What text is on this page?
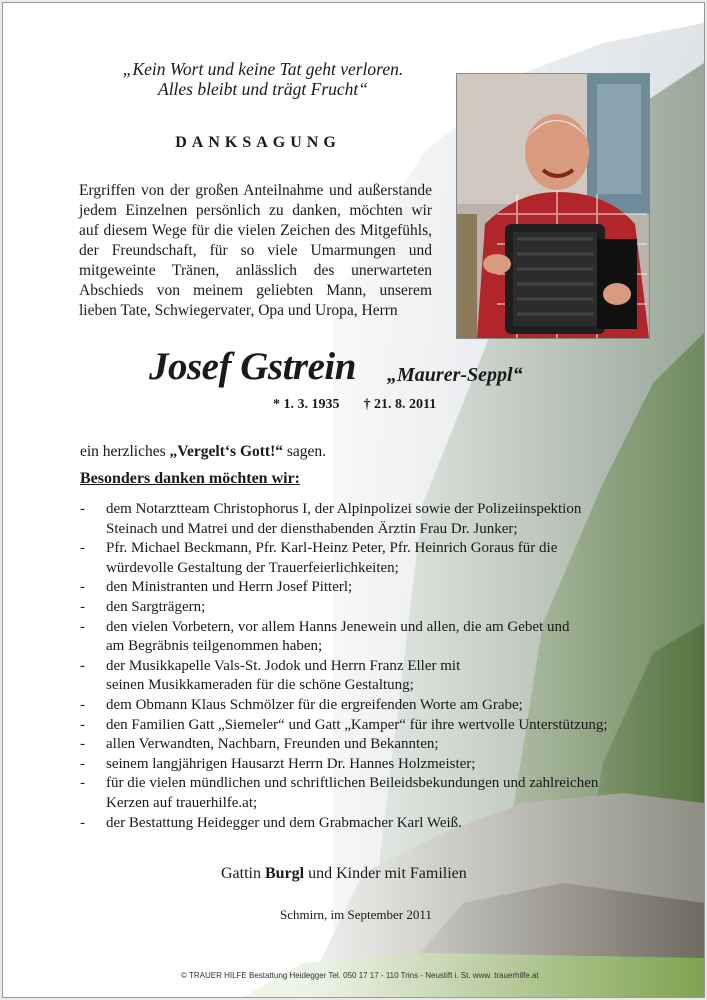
„Kein Wort und keine Tat geht verloren.
Alles bleibt und trägt Frucht“
DANKSAGUNG
Ergriffen von der großen Anteilnahme und außerstande
jedem Einzelnen persönlich zu danken, möchten wir
auf diesem Wege für die vielen Zeichen des Mitgefühls,
der Freundschaft, für so viele Umarmungen und
mitgeweinte Tränen, anlässlich des unerwarteten
Abschieds von meinem geliebten Mann, unserem
lieben Tate, Schwiegervater, Opa und Uropa, Herrn
Josef Gstrein „Maurer-Seppl“
* 1. 3. 1935 † 21. 8. 2011
ein herzliches „Vergelt‘s Gott!“ sagen.
Besonders danken möchten wir:
- dem Notarztteam Christophorus I, der Alpinpolizei sowie der Polizeiinspektion
Steinach und Matrei und der diensthabenden Ärztin Frau Dr. Junker;
- Pfr. Michael Beckmann, Pfr. Karl-Heinz Peter, Pfr. Heinrich Goraus für die
würdevolle Gestaltung der Trauerfeierlichkeiten;
- den Ministranten und Herrn Josef Pitterl;
- den Sargträgern;
- den vielen Vorbetern, vor allem Hanns Jenewein und allen, die am Gebet und
am Begräbnis teilgenommen haben;
- der Musikkapelle Vals-St. Jodok und Herrn Franz Eller mit
seinen Musikkameraden für die schöne Gestaltung;
- dem Obmann Klaus Schmölzer für die ergreifenden Worte am Grabe;
- den Familien Gatt „Siemeler“ und Gatt „Kamper“ für ihre wertvolle Unterstützung;
- allen Verwandten, Nachbarn, Freunden und Bekannten;
- seinem langjährigen Hausarzt Herrn Dr. Hannes Holzmeister;
- für die vielen mündlichen und schriftlichen Beileidsbekundungen und zahlreichen
Kerzen auf trauerhilfe.at;
- der Bestattung Heidegger und dem Grabmacher Karl Weiß.
Gattin Burgl und Kinder mit Familien
Schmirn, im September 2011
© TRAUER HILFE Bestattung Heidegger Tel. 050 17 17 - 110 Trins - Neustift i. St. www. trauerhilfe.at
